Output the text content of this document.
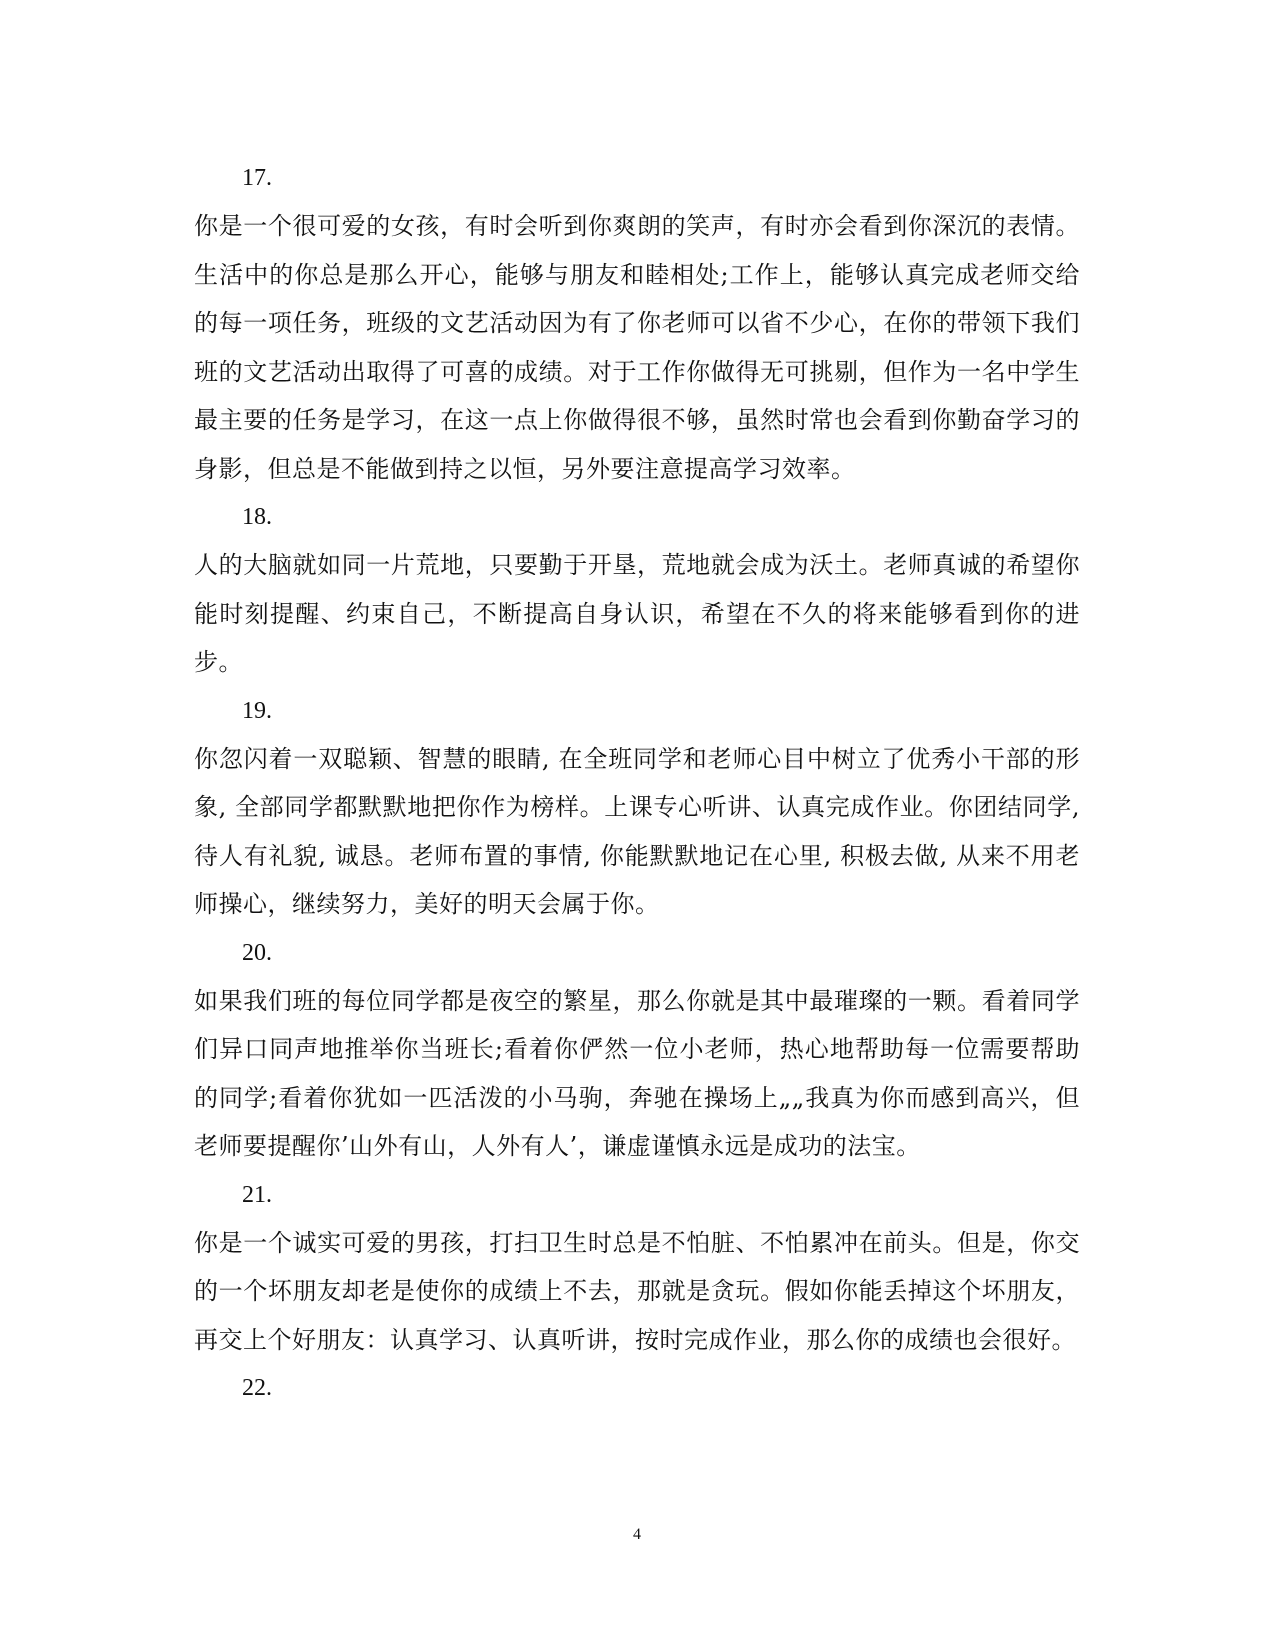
17.

你是一个很可爱的女孩，有时会听到你爽朗的笑声，有时亦会看到你深沉的表情。生活中的你总是那么开心，能够与朋友和睦相处;工作上，能够认真完成老师交给的每一项任务，班级的文艺活动因为有了你老师可以省不少心，在你的带领下我们班的文艺活动出取得了可喜的成绩。对于工作你做得无可挑剔，但作为一名中学生最主要的任务是学习，在这一点上你做得很不够，虽然时常也会看到你勤奋学习的身影，但总是不能做到持之以恒，另外要注意提高学习效率。

18.

人的大脑就如同一片荒地，只要勤于开垦，荒地就会成为沃土。老师真诚的希望你能时刻提醒、约束自己，不断提高自身认识，希望在不久的将来能够看到你的进步。

19.

你忽闪着一双聪颖、智慧的眼睛, 在全班同学和老师心目中树立了优秀小干部的形象, 全部同学都默默地把你作为榜样。上课专心听讲、认真完成作业。你团结同学, 待人有礼貌, 诚恳。老师布置的事情, 你能默默地记在心里, 积极去做, 从来不用老师操心，继续努力，美好的明天会属于你。

20.

如果我们班的每位同学都是夜空的繁星，那么你就是其中最璀璨的一颗。看着同学们异口同声地推举你当班长;看着你俨然一位小老师，热心地帮助每一位需要帮助的同学;看着你犹如一匹活泼的小马驹，奔驰在操场上„„我真为你而感到高兴，但老师要提醒你’山外有山，人外有人’，谦虚谨慎永远是成功的法宝。

21.

你是一个诚实可爱的男孩，打扫卫生时总是不怕脏、不怕累冲在前头。但是，你交的一个坏朋友却老是使你的成绩上不去，那就是贪玩。假如你能丢掉这个坏朋友，再交上个好朋友：认真学习、认真听讲，按时完成作业，那么你的成绩也会很好。

22.

4
